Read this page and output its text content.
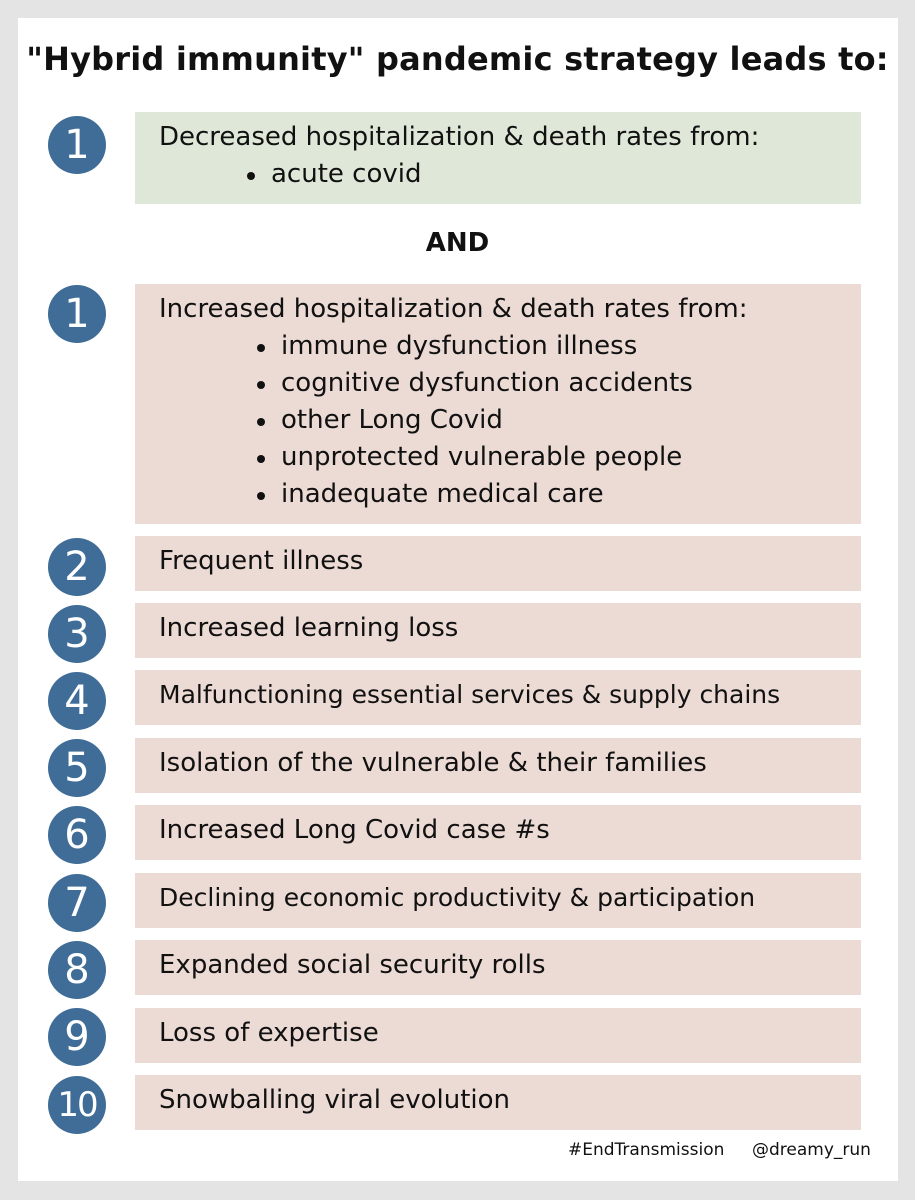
"Hybrid immunity" pandemic strategy leads to:
1	Decreased hospitalization & death rates from:
acute covid
AND
1	Increased hospitalization & death rates from:
immune dysfunction illness
cognitive dysfunction accidents
other Long Covid
unprotected vulnerable people
inadequate medical care
2	Frequent illness
3	Increased learning loss
4	Malfunctioning essential services & supply chains
5	Isolation of the vulnerable & their families
6	Increased Long Covid case #s
7	Declining economic productivity & participation
8	Expanded social security rolls
9	Loss of expertise
10	Snowballing viral evolution
#EndTransmission @dreamy_run
